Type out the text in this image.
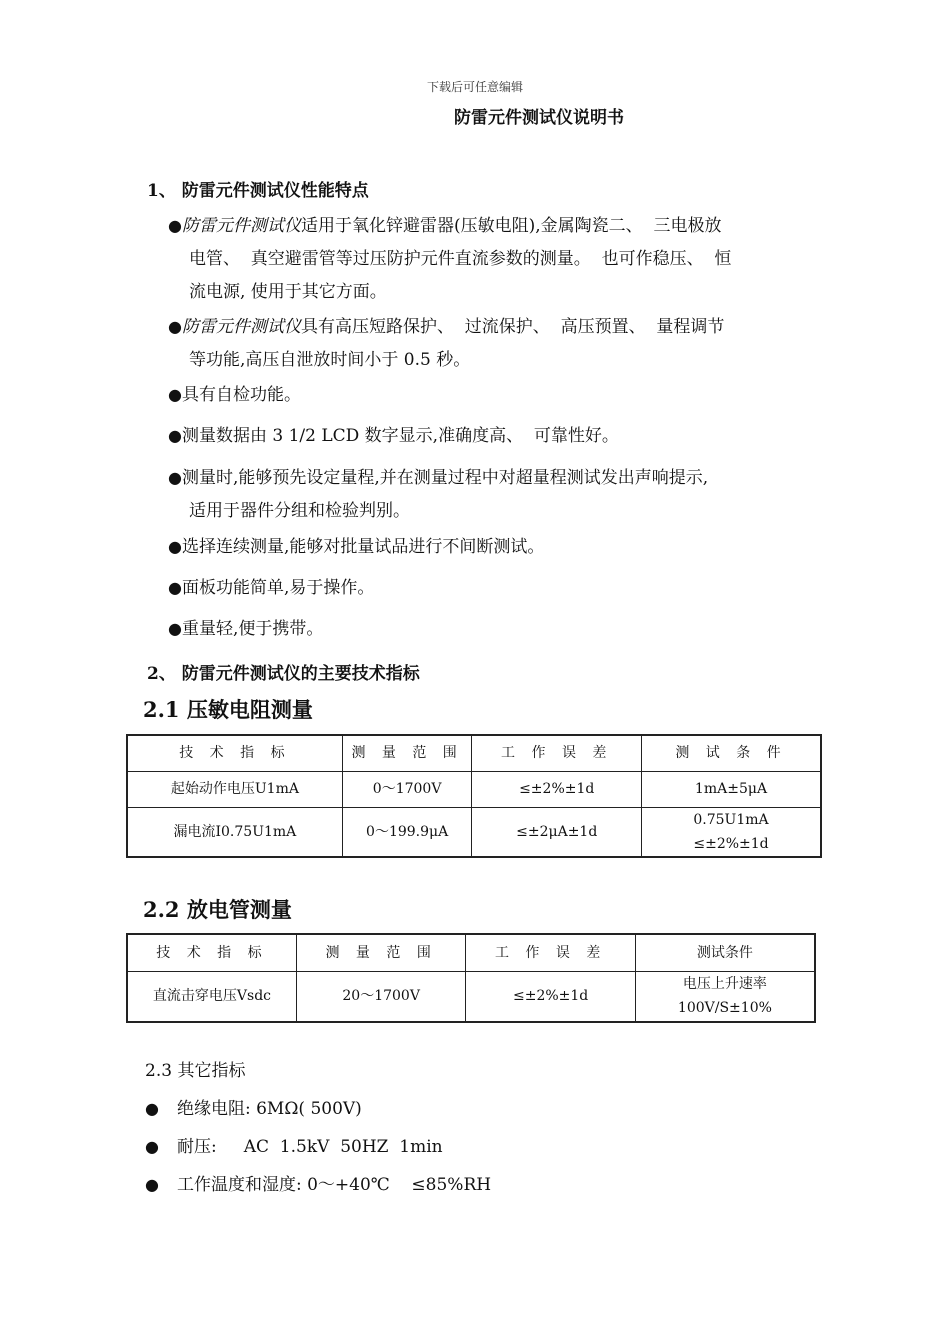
下载后可任意编辑
防雷元件测试仪说明书
1、 防雷元件测试仪性能特点
●防雷元件测试仪适用于氧化锌避雷器(压敏电阻),金属陶瓷二、  三电极放
电管、  真空避雷管等过压防护元件直流参数的测量。  也可作稳压、  恒
流电源, 使用于其它方面。
●防雷元件测试仪具有高压短路保护、  过流保护、  高压预置、  量程调节
等功能,高压自泄放时间小于 0.5 秒。
●具有自检功能。
●测量数据由 3 1/2 LCD 数字显示,准确度高、  可靠性好。
●测量时,能够预先设定量程,并在测量过程中对超量程测试发出声响提示,
适用于器件分组和检验判别。
●选择连续测量,能够对批量试品进行不间断测试。
●面板功能简单,易于操作。
●重量轻,便于携带。
2、 防雷元件测试仪的主要技术指标
2.1 压敏电阻测量
技 术 指 标	测 量 范 围	工 作 误 差	测 试 条 件
起始动作电压U1mA	0～1700V	≤±2%±1d	1mA±5μA
漏电流I0.75U1mA	0～199.9μA	≤±2μA±1d	0.75U1mA
≤±2%±1d
2.2 放电管测量
技 术 指 标	测 量 范 围	工 作 误 差	测试条件
直流击穿电压Vsdc	20～1700V	≤±2%±1d	电压上升速率
100V/S±10%
2.3 其它指标
● 绝缘电阻: 6MΩ( 500V)
● 耐压:     AC  1.5kV  50HZ  1min
● 工作温度和湿度: 0～+40℃    ≤85%RH
